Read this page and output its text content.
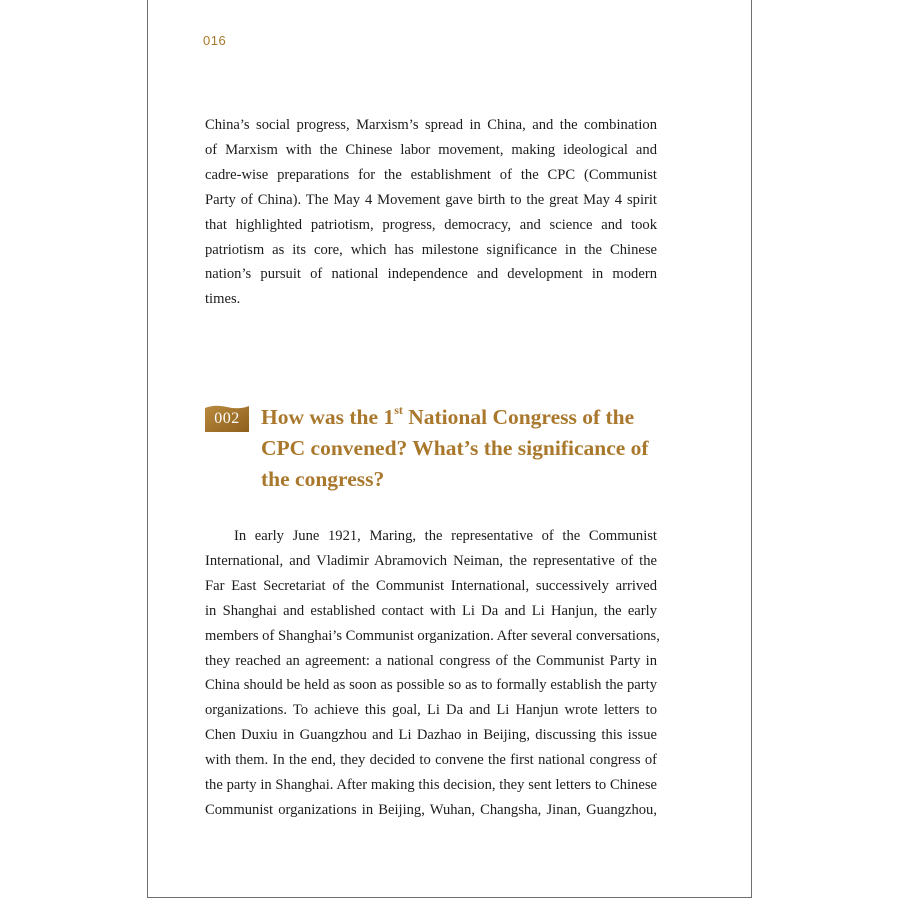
016
China’s social progress, Marxism’s spread in China, and the combination
of Marxism with the Chinese labor movement, making ideological and
cadre-wise preparations for the establishment of the CPC (Communist
Party of China). The May 4 Movement gave birth to the great May 4 spirit
that highlighted patriotism, progress, democracy, and science and took
patriotism as its core, which has milestone significance in the Chinese
nation’s pursuit of national independence and development in modern
times.
002 How was the 1st National Congress of the
CPC convened? What’s the significance of
the congress?
In early June 1921, Maring, the representative of the Communist
International, and Vladimir Abramovich Neiman, the representative of the
Far East Secretariat of the Communist International, successively arrived
in Shanghai and established contact with Li Da and Li Hanjun, the early
members of Shanghai’s Communist organization. After several conversations,
they reached an agreement: a national congress of the Communist Party in
China should be held as soon as possible so as to formally establish the party
organizations. To achieve this goal, Li Da and Li Hanjun wrote letters to
Chen Duxiu in Guangzhou and Li Dazhao in Beijing, discussing this issue
with them. In the end, they decided to convene the first national congress of
the party in Shanghai. After making this decision, they sent letters to Chinese
Communist organizations in Beijing, Wuhan, Changsha, Jinan, Guangzhou,
